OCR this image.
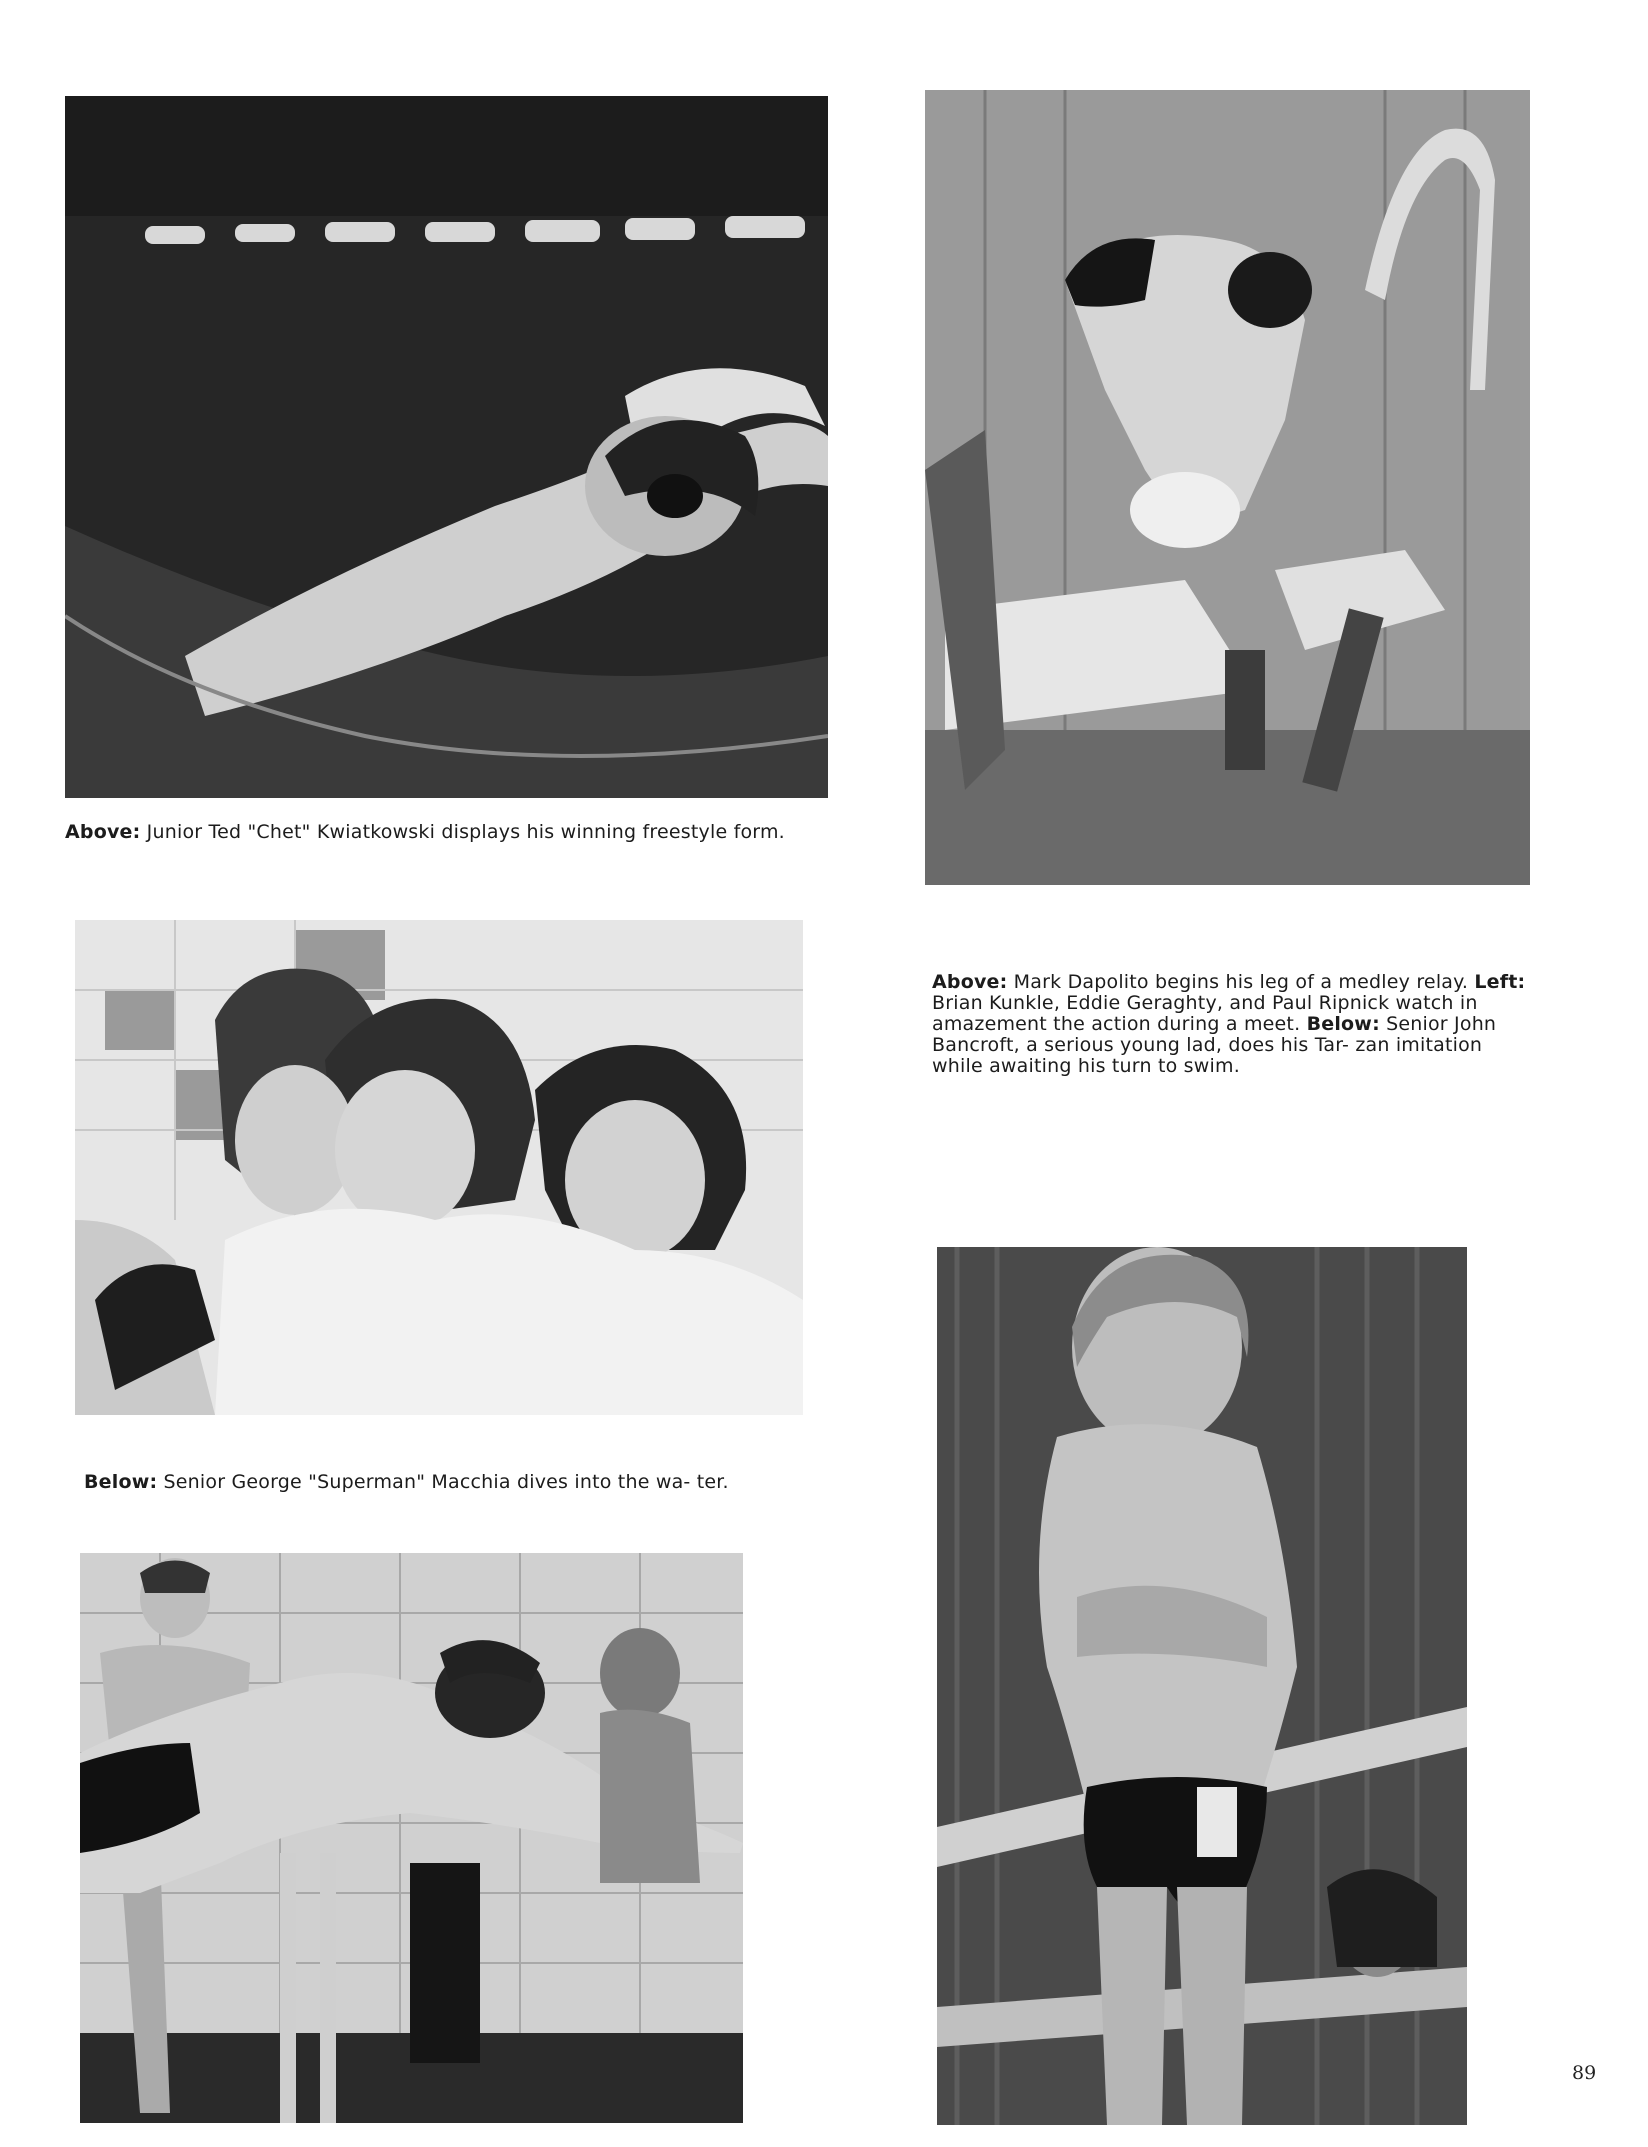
Above: Junior Ted "Chet" Kwiatkowski displays his winning freestyle form.
Above: Mark Dapolito begins his leg of a medley relay. Left: Brian Kunkle, Eddie Geraghty, and Paul Ripnick watch in amazement the action during a meet. Below: Senior John Bancroft, a serious young lad, does his Tar- zan imitation while awaiting his turn to swim.
Below: Senior George "Superman" Macchia dives into the wa- ter.
89
